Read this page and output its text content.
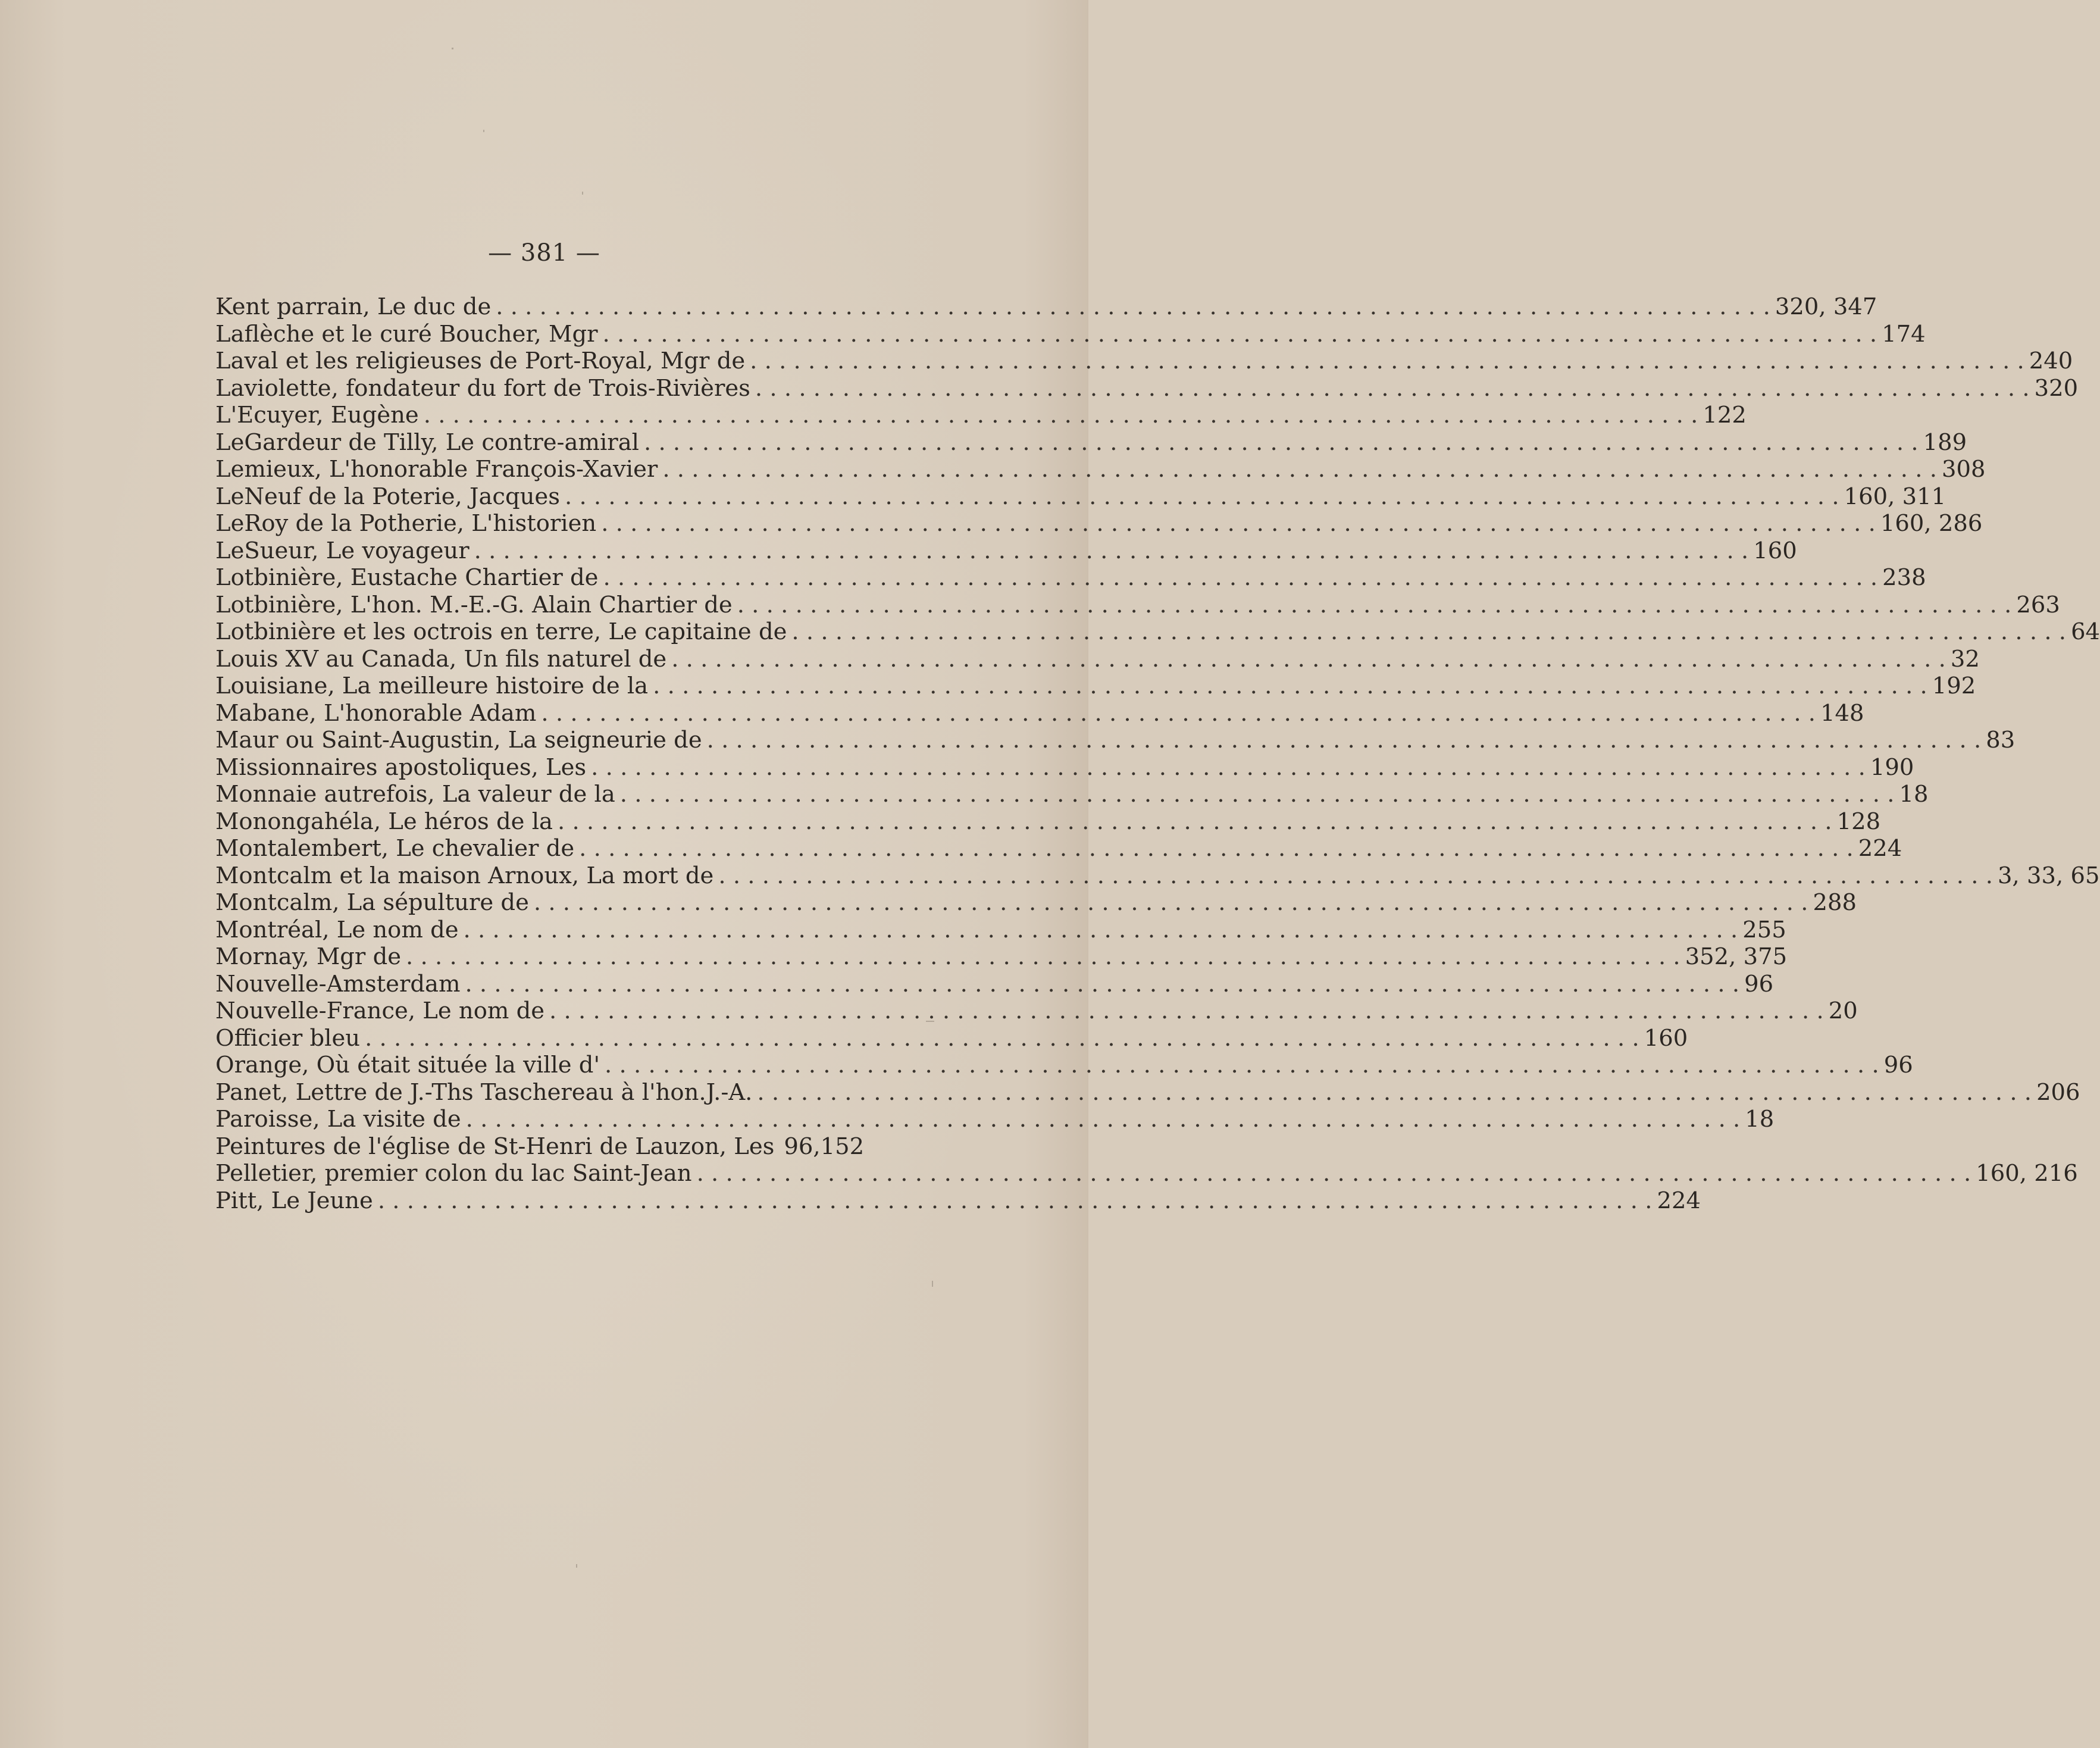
— 381 —
Kent parrain, Le duc de . . .	320, 347
Laflèche et le curé Boucher, Mgr . . .	174
Laval et les religieuses de Port-Royal, Mgr de . . .	240
Laviolette, fondateur du fort de Trois-Rivières . . .	320
L'Ecuyer, Eugène . . .	122
LeGardeur de Tilly, Le contre-amiral . . .	189
Lemieux, L'honorable François-Xavier . . .	308
LeNeuf de la Poterie, Jacques . . .	160, 311
LeRoy de la Potherie, L'historien . . .	160, 286
LeSueur, Le voyageur . . .	160
Lotbinière, Eustache Chartier de . . .	238
Lotbinière, L'hon. M.-E.-G. Alain Chartier de . . .	263
Lotbinière et les octrois en terre, Le capitaine de . . .	64
Louis XV au Canada, Un fils naturel de . . .	32
Louisiane, La meilleure histoire de la . . .	192
Mabane, L'honorable Adam . . .	148
Maur ou Saint-Augustin, La seigneurie de . . .	83
Missionnaires apostoliques, Les . . .	190
Monnaie autrefois, La valeur de la . . .	18
Monongahéla, Le héros de la . . .	128
Montalembert, Le chevalier de . . .	224
Montcalm et la maison Arnoux, La mort de . . .	3, 33, 65
Montcalm, La sépulture de . . .	288
Montréal, Le nom de . . .	255
Mornay, Mgr de . . .	352, 375
Nouvelle-Amsterdam . . .	96
Nouvelle-France, Le nom de . . .	20
Officier bleu . . .	160
Orange, Où était située la ville d' . . .	96
Panet, Lettre de J.-Ths Taschereau à l'hon.J.-A. . . .	206
Paroisse, La visite de . . .	18
Peintures de l'église de St-Henri de Lauzon, Les 96,152
Pelletier, premier colon du lac Saint-Jean . . .	160, 216
Pitt, Le Jeune . . .	224
